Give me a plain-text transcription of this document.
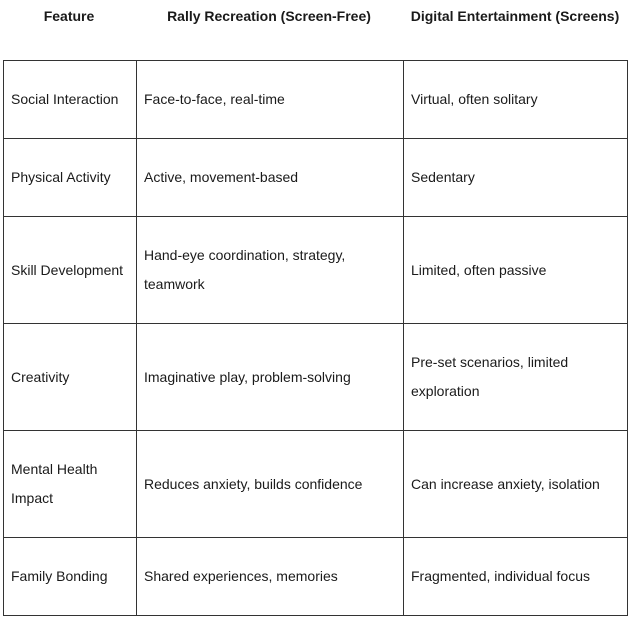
Feature	Rally Recreation (Screen-Free)	Digital Entertainment (Screens)
Social Interaction	Face-to-face, real-time	Virtual, often solitary
Physical Activity	Active, movement-based	Sedentary
Skill Development	Hand-eye coordination, strategy, teamwork	Limited, often passive
Creativity	Imaginative play, problem-solving	Pre-set scenarios, limited exploration
Mental Health Impact	Reduces anxiety, builds confidence	Can increase anxiety, isolation
Family Bonding	Shared experiences, memories	Fragmented, individual focus
